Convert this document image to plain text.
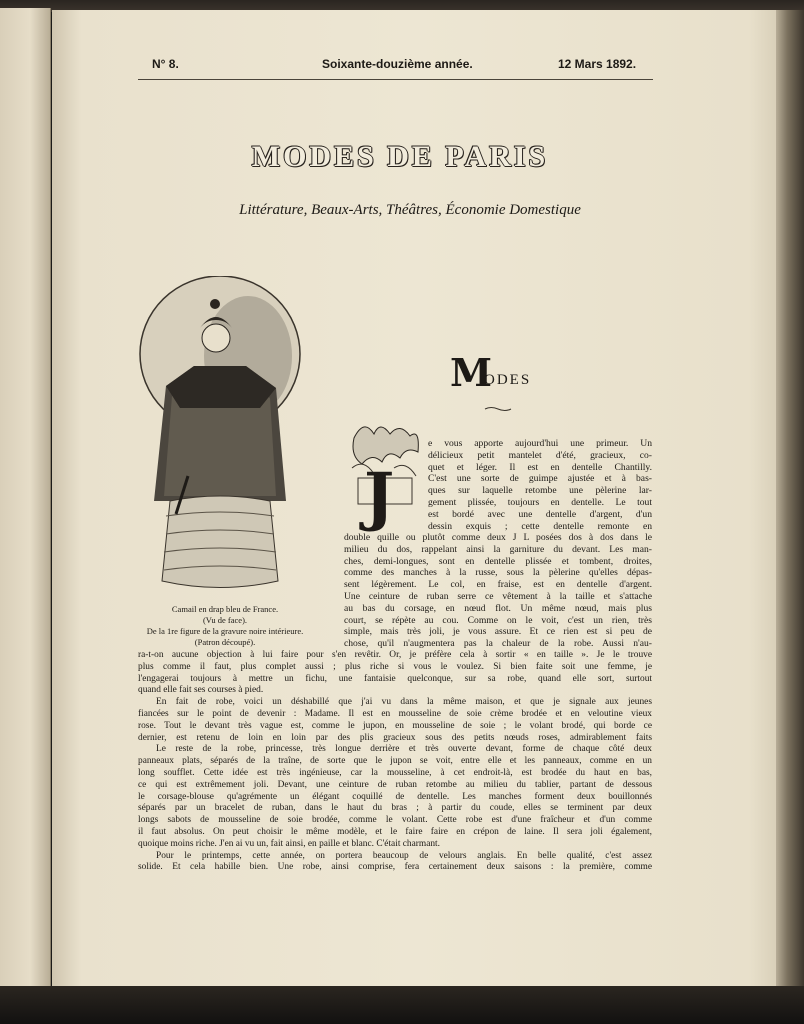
N° 8.	Soixante-douzième année.	12 Mars 1892.
MODES DE PARIS
Littérature, Beaux-Arts, Théâtres, Économie Domestique
Camail en drap bleu de France.
(Vu de face).
De la 1re figure de la gravure noire intérieure.
(Patron découpé).
M
ODES
J
e vous apporte aujourd'hui une primeur. Un
délicieux petit mantelet d'été, gracieux, co-
quet et léger. Il est en dentelle Chantilly.
C'est une sorte de guimpe ajustée et à bas-
ques sur laquelle retombe une pèlerine lar-
gement plissée, toujours en dentelle. Le tout
est bordé avec une dentelle d'argent, d'un
dessin exquis ; cette dentelle remonte en
double quille ou plutôt comme deux J L posées dos à dos dans le
milieu du dos, rappelant ainsi la garniture du devant. Les man-
ches, demi-longues, sont en dentelle plissée et tombent, droites,
comme des manches à la russe, sous la pèlerine qu'elles dépas-
sent légèrement. Le col, en fraise, est en dentelle d'argent.
Une ceinture de ruban serre ce vêtement à la taille et s'attache
au bas du corsage, en nœud flot. Un même nœud, mais plus
court, se répète au cou. Comme on le voit, c'est un rien, très
simple, mais très joli, je vous assure. Et ce rien est si peu de
chose, qu'il n'augmentera pas la chaleur de la robe. Aussi n'au-
ra-t-on aucune objection à lui faire pour s'en revêtir. Or, je préfère cela à sortir « en taille ». Je le trouve
plus comme il faut, plus complet aussi ; plus riche si vous le voulez. Si bien faite soit une femme, je
l'engagerai toujours à mettre un fichu, une fantaisie quelconque, sur sa robe, quand elle sort, surtout
quand elle fait ses courses à pied.
En fait de robe, voici un déshabillé que j'ai vu dans la même maison, et que je signale aux jeunes
fiancées sur le point de devenir : Madame. Il est en mousseline de soie crème brodée et en veloutine vieux
rose. Tout le devant très vague est, comme le jupon, en mousseline de soie ; le volant brodé, qui borde ce
dernier, est retenu de loin en loin par des plis gracieux sous des petits nœuds roses, admirablement faits
Le reste de la robe, princesse, très longue derrière et très ouverte devant, forme de chaque côté deux
panneaux plats, séparés de la traîne, de sorte que le jupon se voit, entre elle et les panneaux, comme en un
long soufflet. Cette idée est très ingénieuse, car la mousseline, à cet endroit-là, est brodée du haut en bas,
ce qui est extrêmement joli. Devant, une ceinture de ruban retombe au milieu du tablier, partant de dessous
le corsage-blouse qu'agrémente un élégant coquillé de dentelle. Les manches forment deux bouillonnés
séparés par un bracelet de ruban, dans le haut du bras ; à partir du coude, elles se terminent par deux
longs sabots de mousseline de soie brodée, comme le volant. Cette robe est d'une fraîcheur et d'un comme
il faut absolus. On peut choisir le même modèle, et le faire faire en crépon de laine. Il sera joli également,
quoique moins riche. J'en ai vu un, fait ainsi, en paille et blanc. C'était charmant.
Pour le printemps, cette année, on portera beaucoup de velours anglais. En belle qualité, c'est assez
solide. Et cela habille bien. Une robe, ainsi comprise, fera certainement deux saisons : la première, comme
